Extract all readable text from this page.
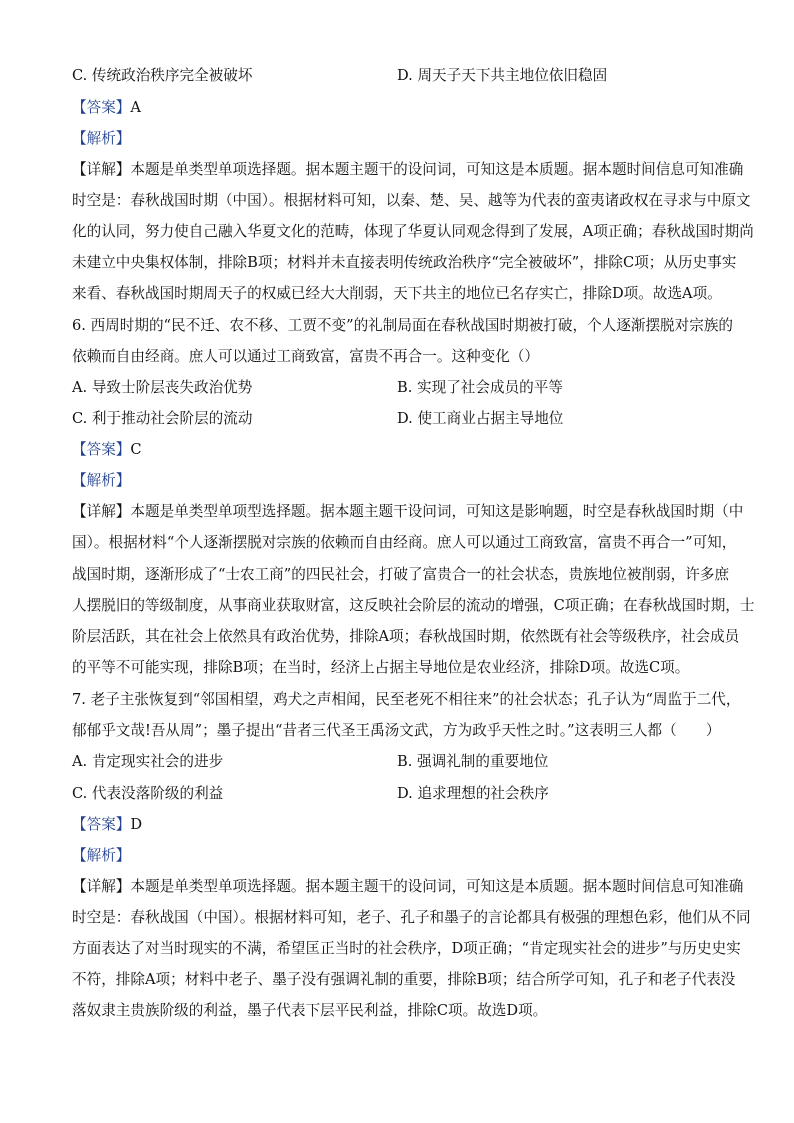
C. 传统政治秩序完全被破坏	D. 周天子天下共主地位依旧稳固
【答案】A
【解析】
【详解】本题是单类型单项选择题。据本题主题干的设问词，可知这是本质题。据本题时间信息可知准确
时空是：春秋战国时期（中国）。根据材料可知，以秦、楚、吴、越等为代表的蛮夷诸政权在寻求与中原文
化的认同，努力使自己融入华夏文化的范畴，体现了华夏认同观念得到了发展，A项正确；春秋战国时期尚
未建立中央集权体制，排除B项；材料并未直接表明传统政治秩序“完全被破坏”，排除C项；从历史事实
来看、春秋战国时期周天子的权威已经大大削弱，天下共主的地位已名存实亡，排除D项。故选A项。
6. 西周时期的“民不迁、农不移、工贾不变”的礼制局面在春秋战国时期被打破，个人逐渐摆脱对宗族的
依赖而自由经商。庶人可以通过工商致富，富贵不再合一。这种变化（）
A. 导致士阶层丧失政治优势	B. 实现了社会成员的平等
C. 利于推动社会阶层的流动	D. 使工商业占据主导地位
【答案】C
【解析】
【详解】本题是单类型单项型选择题。据本题主题干设问词，可知这是影响题，时空是春秋战国时期（中
国）。根据材料“个人逐渐摆脱对宗族的依赖而自由经商。庶人可以通过工商致富，富贵不再合一”可知，
战国时期，逐渐形成了“士农工商”的四民社会，打破了富贵合一的社会状态，贵族地位被削弱，许多庶
人摆脱旧的等级制度，从事商业获取财富，这反映社会阶层的流动的增强，C项正确；在春秋战国时期，士
阶层活跃，其在社会上依然具有政治优势，排除A项；春秋战国时期，依然既有社会等级秩序，社会成员
的平等不可能实现，排除B项；在当时，经济上占据主导地位是农业经济，排除D项。故选C项。
7. 老子主张恢复到“邻国相望，鸡犬之声相闻，民至老死不相往来”的社会状态；孔子认为“周监于二代，
郁郁乎文哉!吾从周”；墨子提出“昔者三代圣王禹汤文武，方为政乎天性之时。”这表明三人都（　　）
A. 肯定现实社会的进步	B. 强调礼制的重要地位
C. 代表没落阶级的利益	D. 追求理想的社会秩序
【答案】D
【解析】
【详解】本题是单类型单项选择题。据本题主题干的设问词，可知这是本质题。据本题时间信息可知准确
时空是：春秋战国（中国）。根据材料可知，老子、孔子和墨子的言论都具有极强的理想色彩，他们从不同
方面表达了对当时现实的不满，希望匡正当时的社会秩序，D项正确；“肯定现实社会的进步”与历史史实
不符，排除A项；材料中老子、墨子没有强调礼制的重要，排除B项；结合所学可知，孔子和老子代表没
落奴隶主贵族阶级的利益，墨子代表下层平民利益，排除C项。故选D项。
